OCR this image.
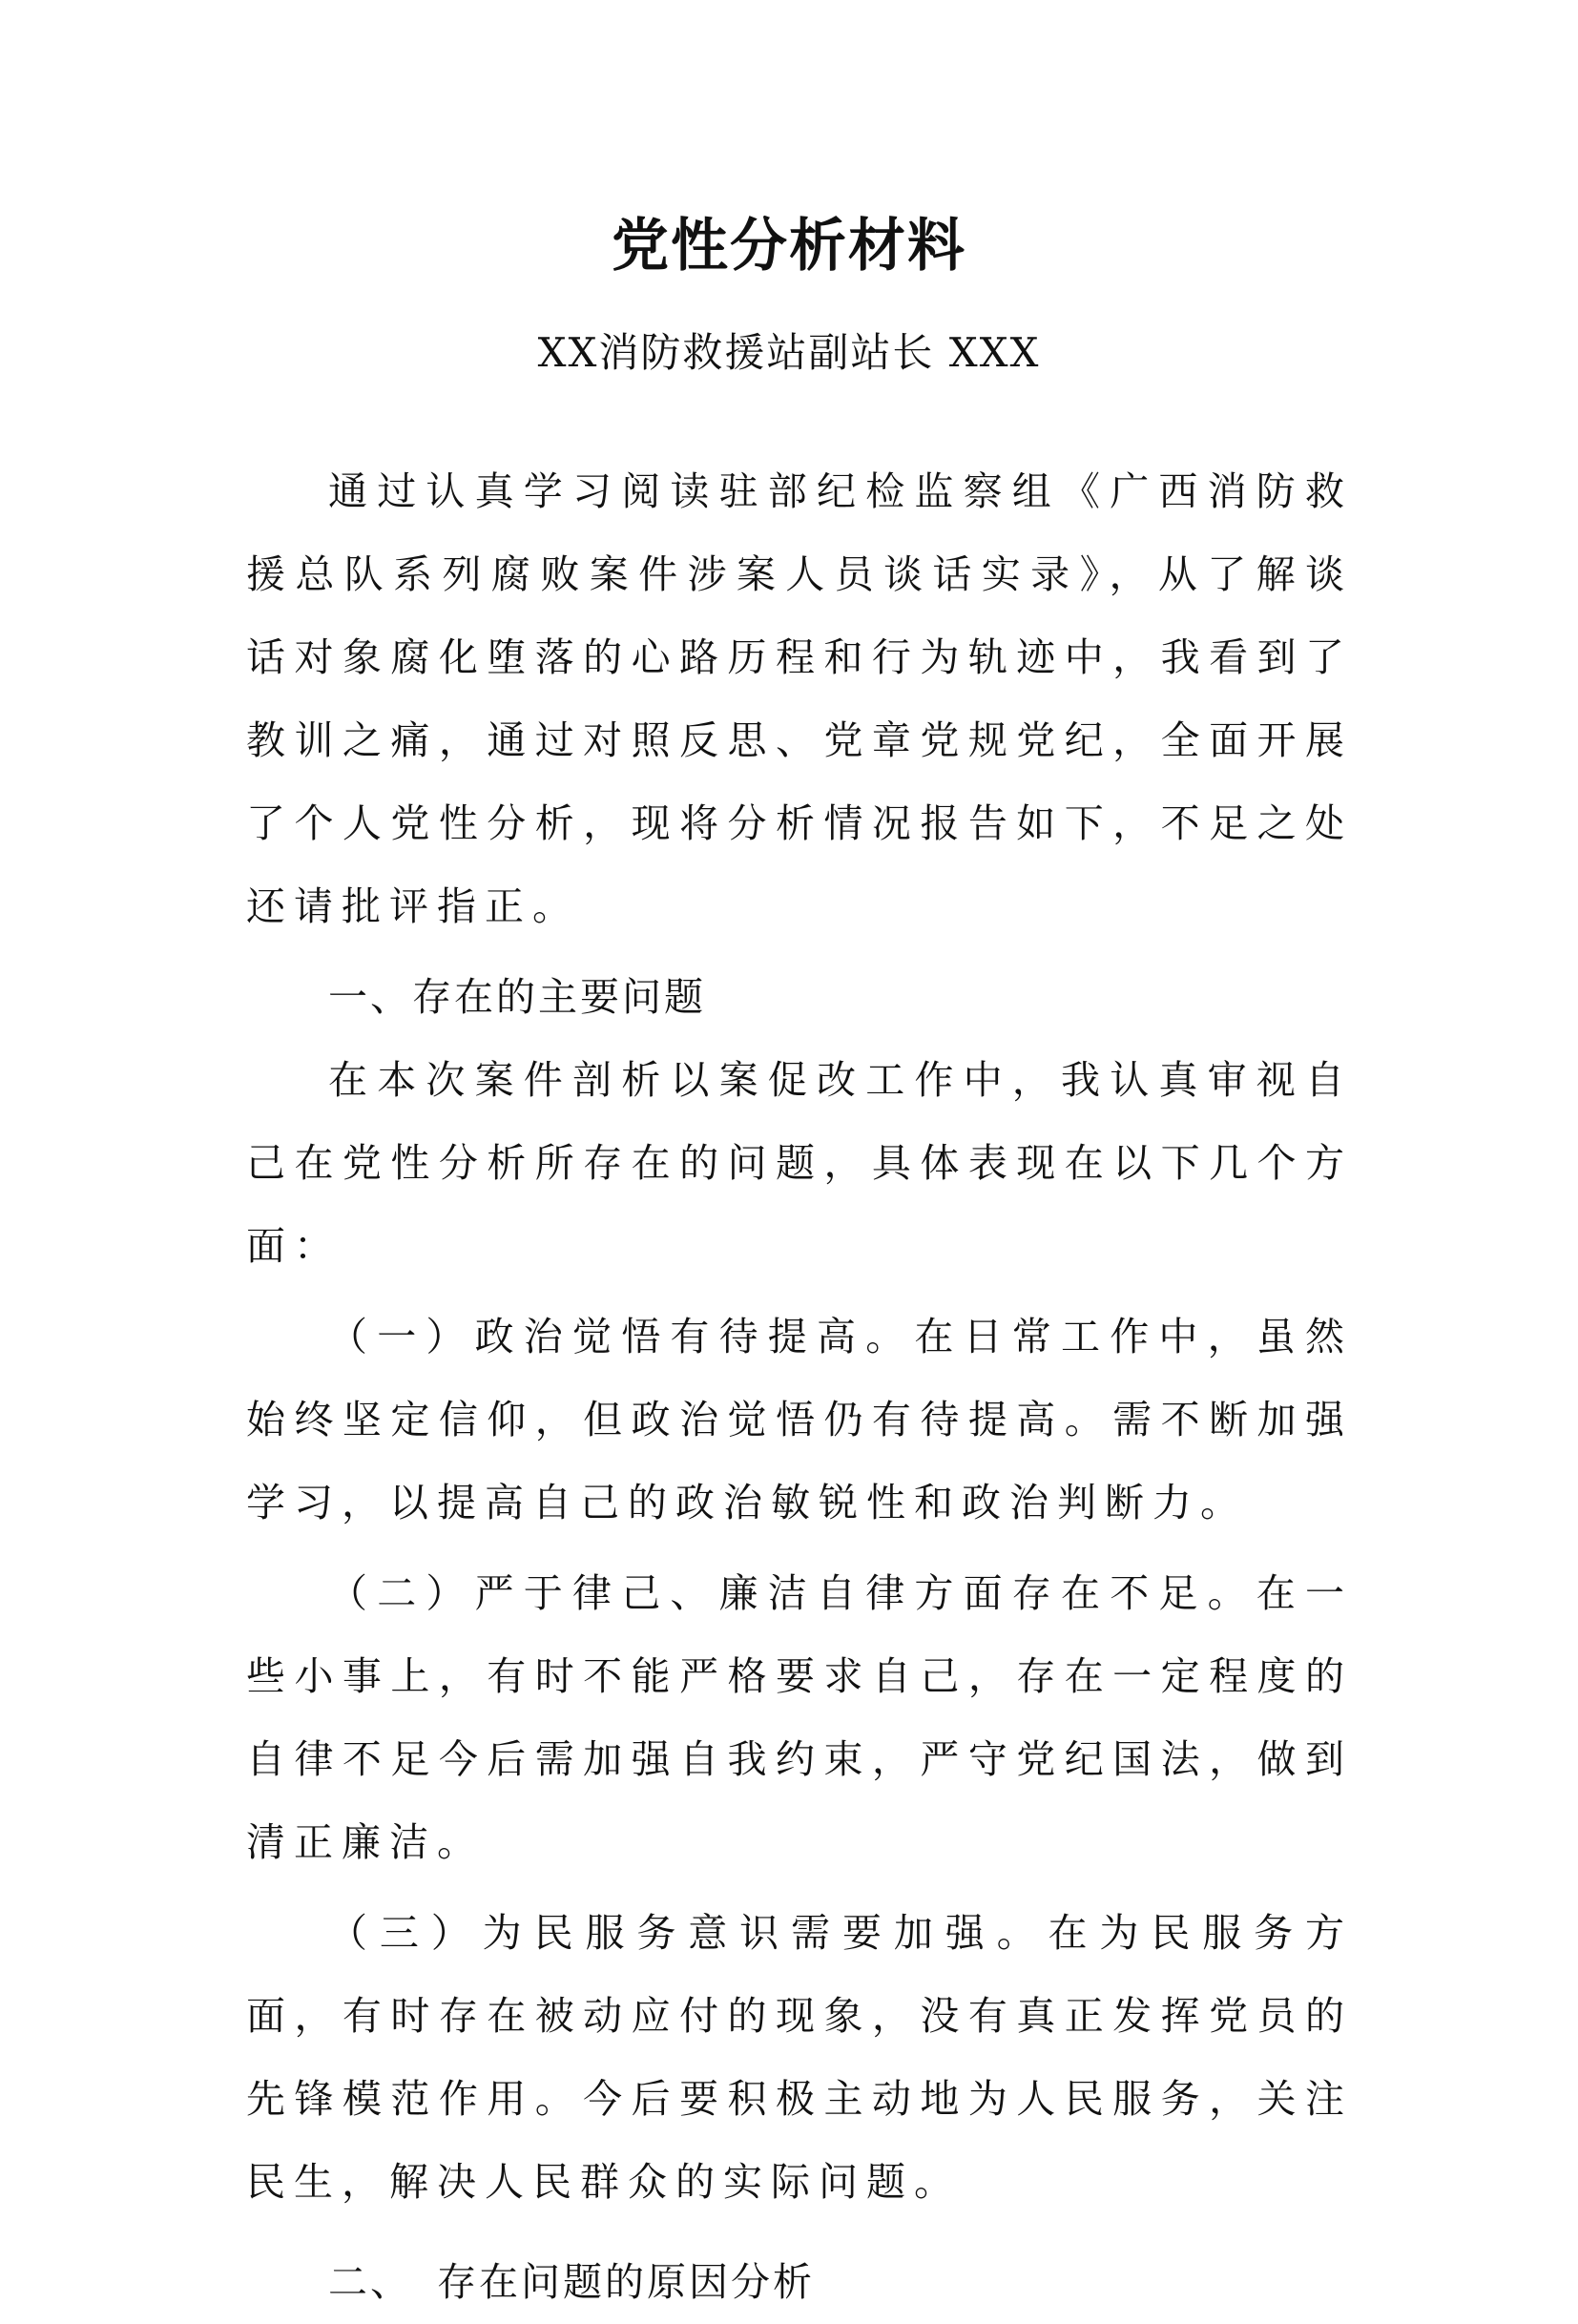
党性分析材料
XX消防救援站副站长 XXX

通过认真学习阅读驻部纪检监察组《广西消防救援总队系列腐败案件涉案人员谈话实录》，从了解谈话对象腐化堕落的心路历程和行为轨迹中，我看到了教训之痛，通过对照反思、党章党规党纪，全面开展了个人党性分析，现将分析情况报告如下，不足之处还请批评指正。

一、存在的主要问题

在本次案件剖析以案促改工作中，我认真审视自己在党性分析所存在的问题，具体表现在以下几个方面：

（一）政治觉悟有待提高。在日常工作中，虽然始终坚定信仰，但政治觉悟仍有待提高。需不断加强学习，以提高自己的政治敏锐性和政治判断力。

（二）严于律己、廉洁自律方面存在不足。在一些小事上，有时不能严格要求自己，存在一定程度的自律不足今后需加强自我约束，严守党纪国法，做到清正廉洁。

（三）为民服务意识需要加强。在为民服务方面，有时存在被动应付的现象，没有真正发挥党员的先锋模范作用。今后要积极主动地为人民服务，关注民生，解决人民群众的实际问题。

二、 存在问题的原因分析
